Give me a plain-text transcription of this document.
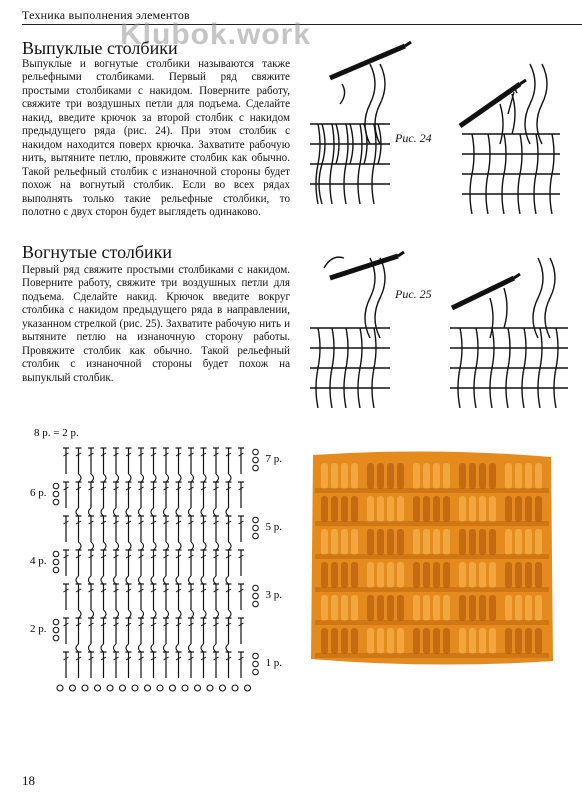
Техника выполнения элементов
Klubok.work
Выпуклые столбики
Выпуклые и вогнутые столбики называются также рельефными столбиками. Первый ряд свяжите простыми столбиками с накидом. Поверните работу, свяжите три воздушных петли для подъема. Сделайте накид, введите крючок за второй столбик с накидом предыдущего ряда (рис. 24). При этом столбик с накидом находится поверх крючка. Захватите рабочую нить, вытяните петлю, провяжите столбик как обычно. Такой рельефный столбик с изнаночной стороны будет похож на вогнутый столбик. Если во всех рядах выполнять только такие рельефные столбики, то полотно с двух сторон будет выглядеть одинаково.
Вогнутые столбики
Первый ряд свяжите простыми столбиками с накидом. Поверните работу, свяжите три воздушных петли для подъема. Сделайте накид. Крючок введите вокруг столбика с накидом предыдущего ряда в направлении, указанном стрелкой (рис. 25). Захватите рабочую нить и вытяните петлю на изнаночную сторону работы. Провяжите столбик как обычно. Такой рельефный столбик с изнаночной стороны будет похож на выпуклый столбик.
Рис. 24
Рис. 25
8 р. = 2 р.
7 р.
6 р.
5 р.
4 р.
3 р.
2 р.
1 р.
18
